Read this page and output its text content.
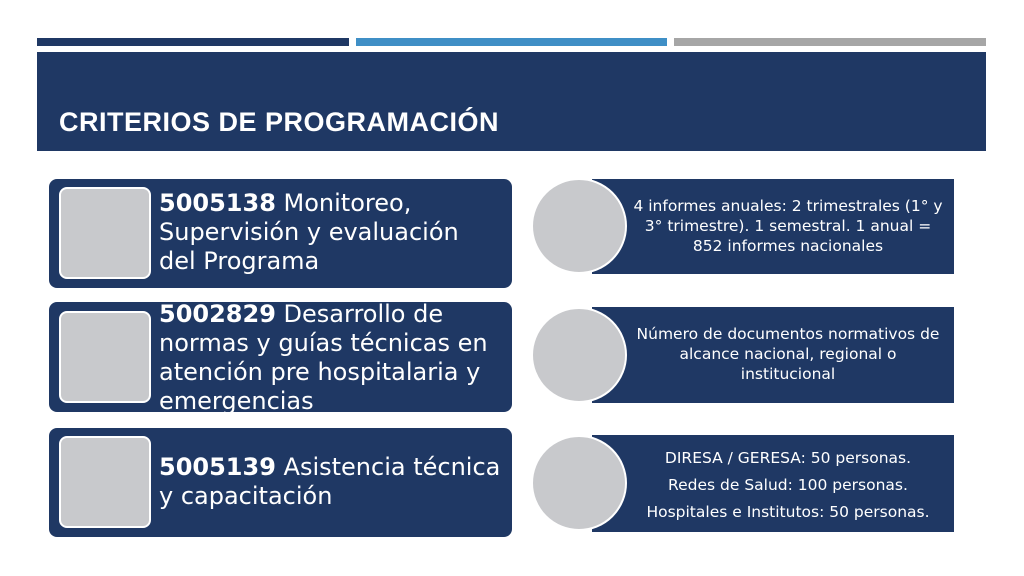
CRITERIOS DE PROGRAMACIÓN
5005138 Monitoreo, Supervisión y evaluación del Programa
5002829 Desarrollo de normas y guías técnicas en atención pre hospitalaria y emergencias
5005139 Asistencia técnica y capacitación
4 informes anuales: 2 trimestrales (1° y 3° trimestre). 1 semestral. 1 anual = 852 informes nacionales
Número de documentos normativos de alcance nacional, regional o institucional
DIRESA / GERESA: 50 personas.
Redes de Salud: 100 personas.
Hospitales e Institutos: 50 personas.
